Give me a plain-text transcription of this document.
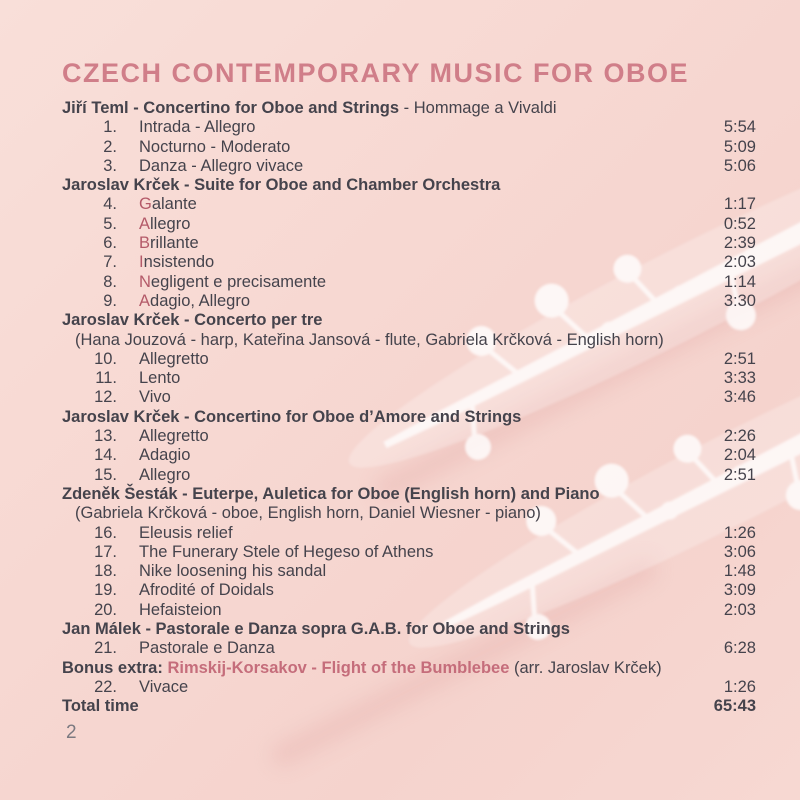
CZECH CONTEMPORARY MUSIC FOR OBOE
Jiří Teml - Concertino for Oboe and Strings - Hommage a Vivaldi
1. Intrada - Allegro	5:54
2. Nocturno - Moderato	5:09
3. Danza - Allegro vivace	5:06
Jaroslav Krček - Suite for Oboe and Chamber Orchestra
4. Galante	1:17
5. Allegro	0:52
6. Brillante	2:39
7. Insistendo	2:03
8. Negligent e precisamente	1:14
9. Adagio, Allegro	3:30
Jaroslav Krček - Concerto per tre
(Hana Jouzová - harp, Kateřina Jansová - flute, Gabriela Krčková - English horn)
10. Allegretto	2:51
11. Lento	3:33
12. Vivo	3:46
Jaroslav Krček - Concertino for Oboe d’Amore and Strings
13. Allegretto	2:26
14. Adagio	2:04
15. Allegro	2:51
Zdeněk Šesták - Euterpe, Auletica for Oboe (English horn) and Piano
(Gabriela Krčková - oboe, English horn, Daniel Wiesner - piano)
16. Eleusis relief	1:26
17. The Funerary Stele of Hegeso of Athens	3:06
18. Nike loosening his sandal	1:48
19. Afrodité of Doidals	3:09
20. Hefaisteion	2:03
Jan Málek - Pastorale e Danza sopra G.A.B. for Oboe and Strings
21. Pastorale e Danza	6:28
Bonus extra: Rimskij-Korsakov - Flight of the Bumblebee (arr. Jaroslav Krček)
22. Vivace	1:26
Total time	65:43
2
